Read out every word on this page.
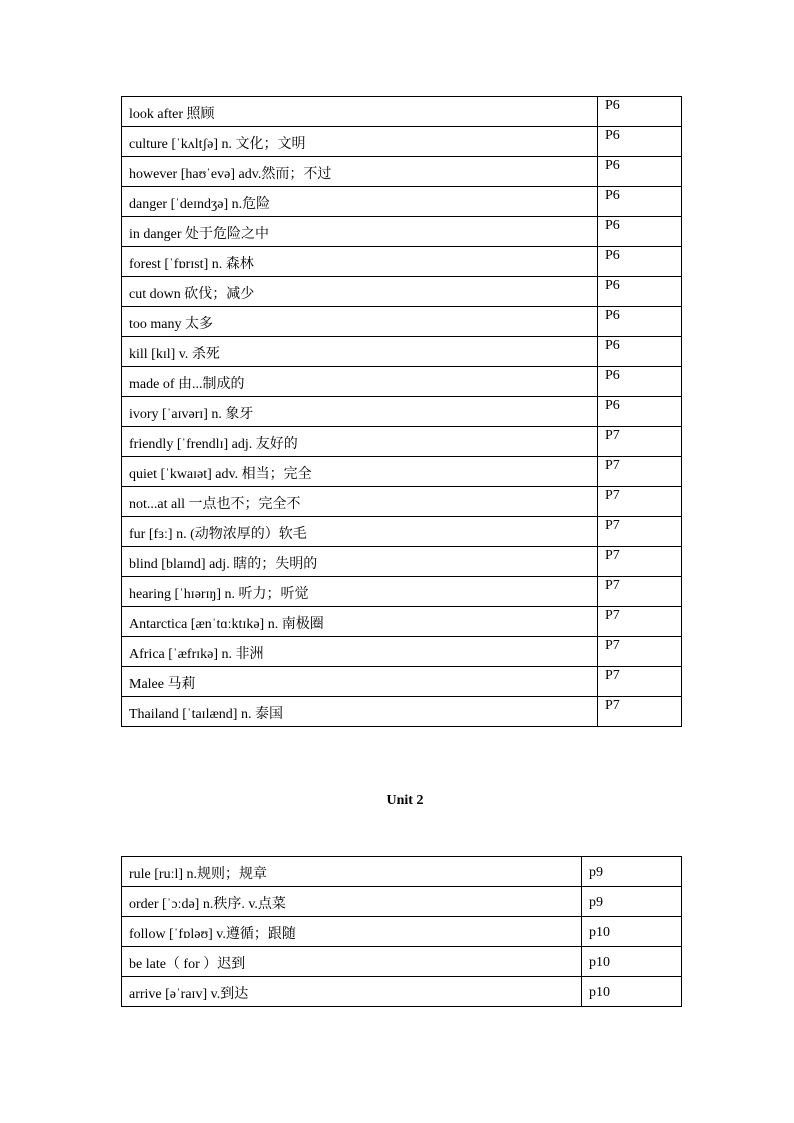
look after 照顾	P6
culture [ˈkʌltʃə] n. 文化；文明	P6
however [haʊˈevə] adv.然而；不过	P6
danger [ˈdeɪndʒə] n.危险	P6
in danger 处于危险之中	P6
forest [ˈfɒrɪst] n. 森林	P6
cut down 砍伐；减少	P6
too many 太多	P6
kill [kɪl] v. 杀死	P6
made of 由...制成的	P6
ivory [ˈaɪvərɪ] n. 象牙	P6
friendly [ˈfrendlɪ] adj. 友好的	P7
quiet [ˈkwaɪət] adv. 相当；完全	P7
not...at all 一点也不；完全不	P7
fur [fɜː] n. (动物浓厚的）软毛	P7
blind [blaɪnd] adj. 瞎的；失明的	P7
hearing [ˈhɪərɪŋ] n. 听力；听觉	P7
Antarctica [ænˈtɑːktɪkə] n. 南极圈	P7
Africa [ˈæfrɪkə] n. 非洲	P7
Malee 马莉	P7
Thailand [ˈtaɪlænd] n. 泰国	P7
Unit 2
rule [ruːl] n.规则；规章	p9
order [ˈɔːdə] n.秩序. v.点菜	p9
follow [ˈfɒləʊ] v.遵循；跟随	p10
be late（ for ）迟到	p10
arrive [əˈraɪv] v.到达	p10
